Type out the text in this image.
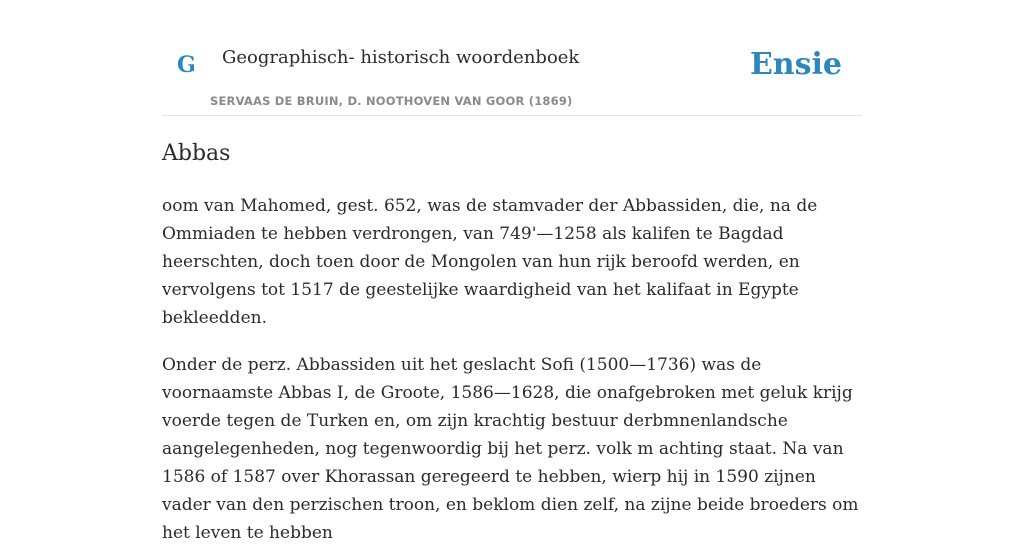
G Geographisch- historisch woordenboek
SERVAAS DE BRUIN, D. NOOTHOVEN VAN GOOR (1869)
Ensie
Abbas

oom van Mahomed, gest. 652, was de stamvader der Abbassiden, die, na de Ommiaden te hebben verdrongen, van 749'—1258 als kalifen te Bagdad heerschten, doch toen door de Mongolen van hun rijk beroofd werden, en vervolgens tot 1517 de geestelijke waardigheid van het kalifaat in Egypte bekleedden.

Onder de perz. Abbassiden uit het geslacht Sofi (1500—1736) was de voornaamste Abbas I, de Groote, 1586—1628, die onafgebroken met geluk krijg voerde tegen de Turken en, om zijn krachtig bestuur derbmnenlandsche aangelegenheden, nog tegenwoordig bij het perz. volk m achting staat. Na van 1586 of 1587 over Khorassan geregeerd te hebben, wierp hij in 1590 zijnen vader van den perzischen troon, en beklom dien zelf, na zijne beide broeders om het leven te hebben
